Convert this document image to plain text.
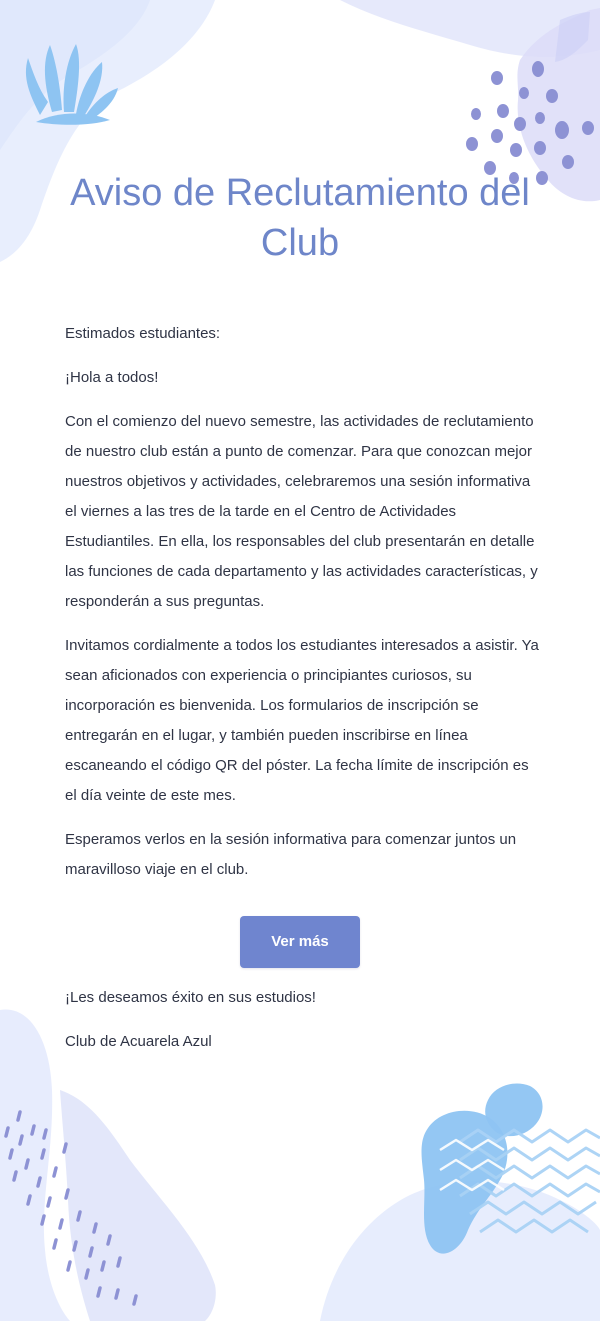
Aviso de Reclutamiento del Club

Estimados estudiantes:

¡Hola a todos!

Con el comienzo del nuevo semestre, las actividades de reclutamiento de nuestro club están a punto de comenzar. Para que conozcan mejor nuestros objetivos y actividades, celebraremos una sesión informativa el viernes a las tres de la tarde en el Centro de Actividades Estudiantiles. En ella, los responsables del club presentarán en detalle las funciones de cada departamento y las actividades características, y responderán a sus preguntas.

Invitamos cordialmente a todos los estudiantes interesados a asistir. Ya sean aficionados con experiencia o principiantes curiosos, su incorporación es bienvenida. Los formularios de inscripción se entregarán en el lugar, y también pueden inscribirse en línea escaneando el código QR del póster. La fecha límite de inscripción es el día veinte de este mes.

Esperamos verlos en la sesión informativa para comenzar juntos un maravilloso viaje en el club.

Ver más

¡Les deseamos éxito en sus estudios!

Club de Acuarela Azul
